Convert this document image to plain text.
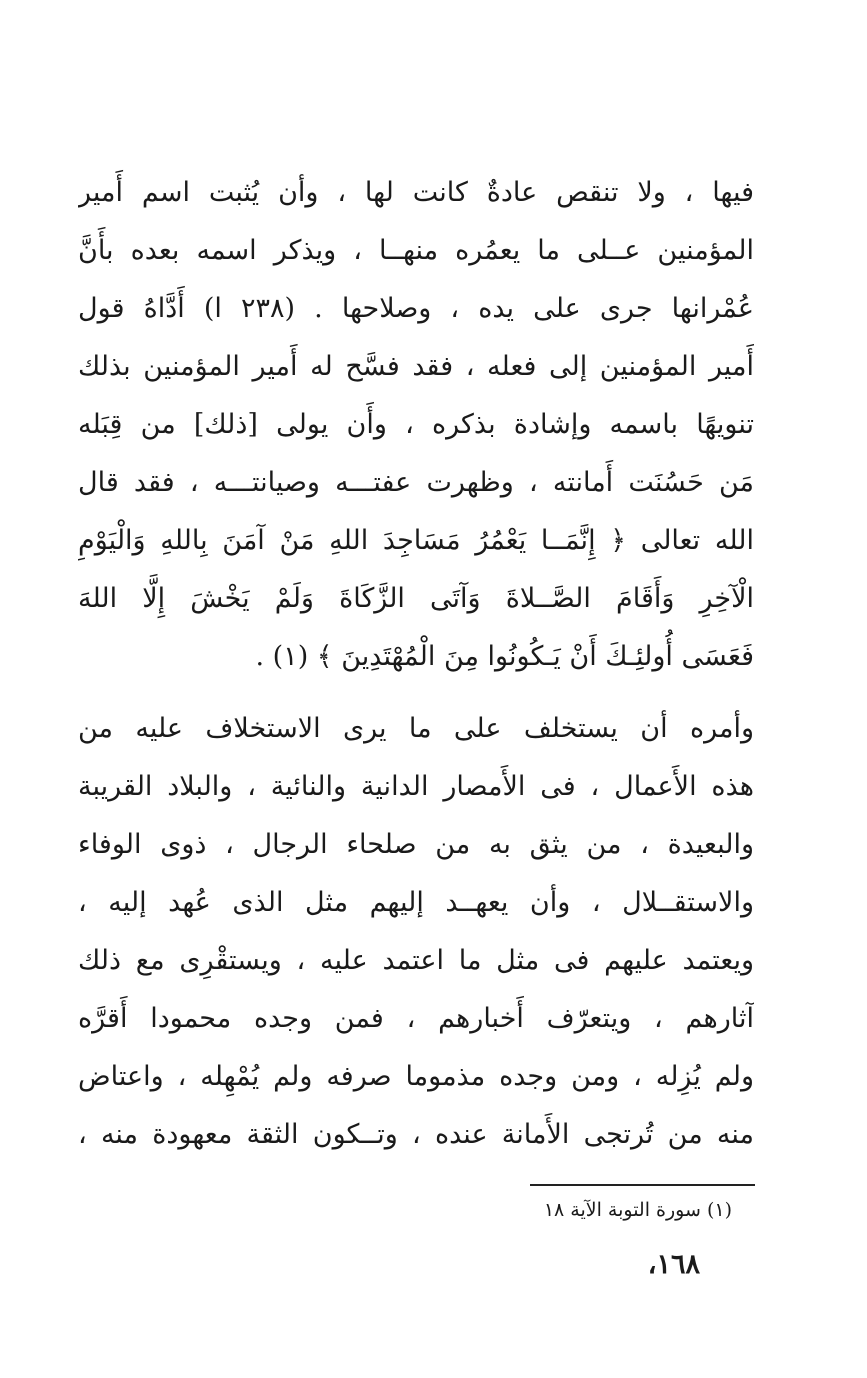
فيها ، ولا تنقص عادةٌ كانت لها ، وأن يُثبت اسم أَمير
المؤمنين عــلى ما يعمُره منهــا ، ويذكر اسمه بعده بأَنَّ
عُمْرانها جرى على يده ، وصلاحها . (٢٣٨ ا) أَدَّاهُ قول
أَمير المؤمنين إلى فعله ، فقد فسَّح له أَمير المؤمنين بذلك
تنويهًا باسمه وإشادة بذكره ، وأَن يولى [ذلك] من قِبَله
مَن حَسُنَت أَمانته ، وظهرت عفتـــه وصيانتـــه ، فقد قال
الله تعالى ﴿ إِنَّمَــا يَعْمُرُ مَسَاجِدَ اللهِ مَنْ آمَنَ بِاللهِ وَالْيَوْمِ
الْآخِرِ وَأَقَامَ الصَّــلاةَ وَآتَى الزَّكَاةَ وَلَمْ يَخْشَ إِلَّا اللهَ
فَعَسَى أُولئِـكَ أَنْ يَـكُونُوا مِنَ الْمُهْتَدِينَ ﴾ (١) .
وأمره أن يستخلف على ما يرى الاستخلاف عليه من
هذه الأَعمال ، فى الأَمصار الدانية والنائية ، والبلاد القريبة
والبعيدة ، من يثق به من صلحاء الرجال ، ذوى الوفاء
والاستقــلال ، وأن يعهــد إليهم مثل الذى عُهد إليه ،
ويعتمد عليهم فى مثل ما اعتمد عليه ، ويستقْرِى مع ذلك
آثارهم ، ويتعرّف أَخبارهم ، فمن وجده محمودا أَقرَّه
ولم يُزِله ، ومن وجده مذموما صرفه ولم يُمْهِله ، واعتاض
منه من تُرتجى الأَمانة عنده ، وتــكون الثقة معهودة منه ،
(١) سورة التوبة الآية ١٨
١٦٨،
